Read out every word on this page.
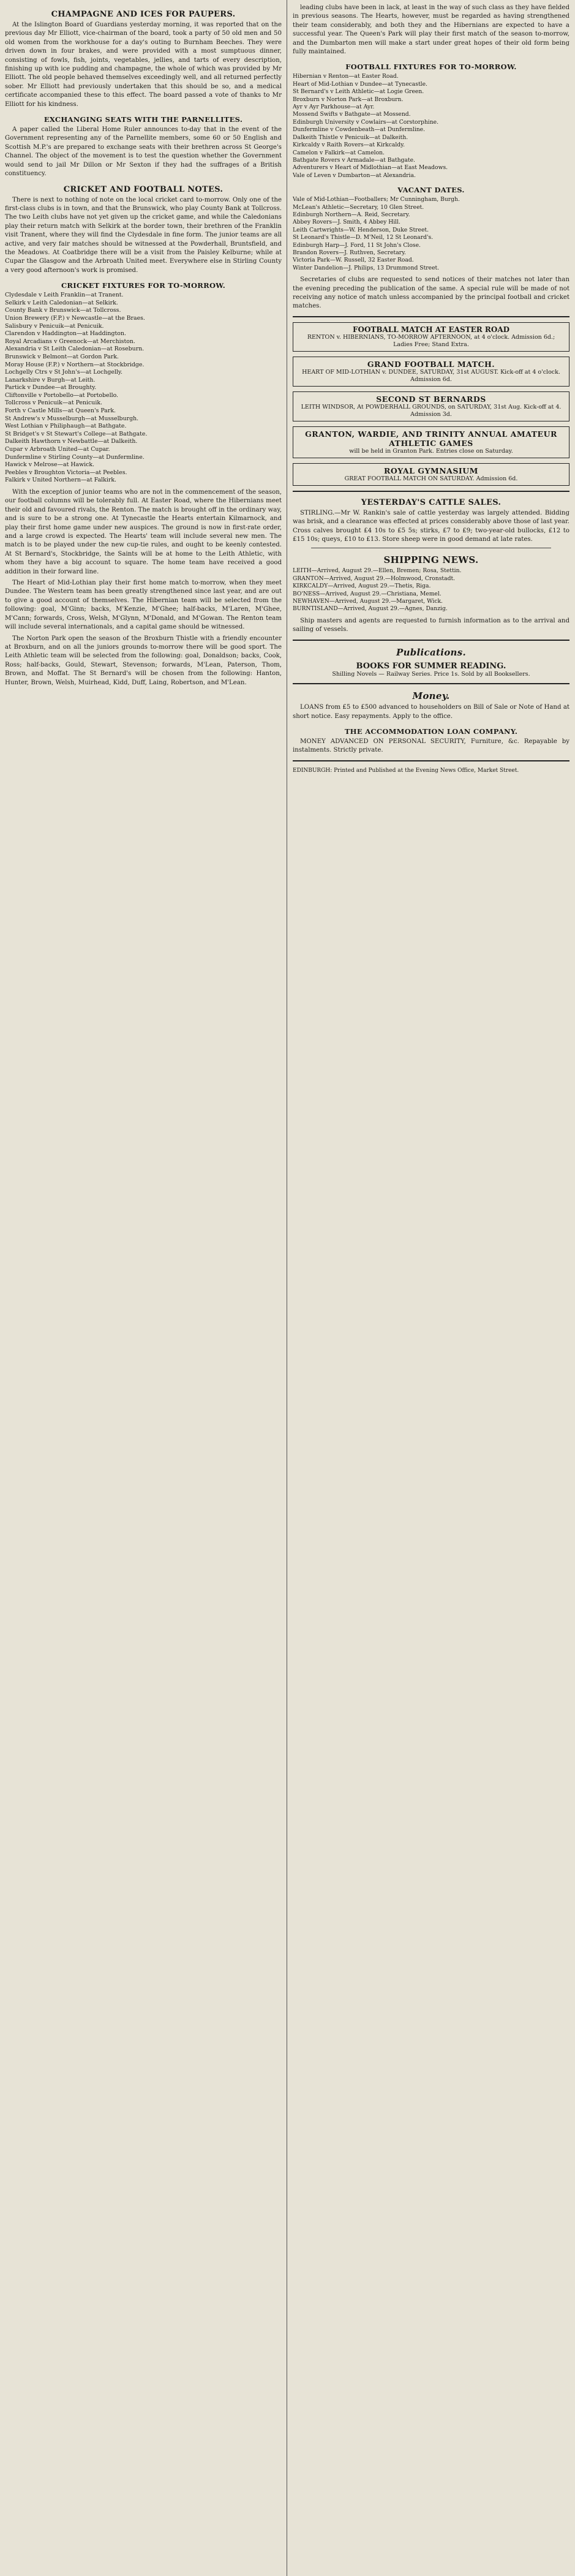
CHAMPAGNE AND ICES FOR PAUPERS.

At the Islington Board of Guardians yesterday morning, it was reported that on the previous day Mr Elliott, vice-chairman of the board, took a party of 50 old men and 50 old women from the workhouse for a day's outing to Burnham Beeches. They were driven down in four brakes, and were provided with a most sumptuous dinner, consisting of fowls, fish, joints, vegetables, jellies, and tarts of every description, finishing up with ice pudding and champagne, the whole of which was provided by Mr Elliott. The old people behaved themselves exceedingly well, and all returned perfectly sober. Mr Elliott had previously undertaken that this should be so, and a medical certificate accompanied these to this effect. The board passed a vote of thanks to Mr Elliott for his kindness.

EXCHANGING SEATS WITH THE PARNELLITES.

A paper called the Liberal Home Ruler announces to-day that in the event of the Government representing any of the Parnellite members, some 60 or 50 English and Scottish M.P.'s are prepared to exchange seats with their brethren across St George's Channel. The object of the movement is to test the question whether the Government would send to jail Mr Dillon or Mr Sexton if they had the suffrages of a British constituency.

CRICKET AND FOOTBALL NOTES.

There is next to nothing of note on the local cricket card to-morrow. Only one of the first-class clubs is in town, and that the Brunswick, who play County Bank at Tollcross. The two Leith clubs have not yet given up the cricket game, and while the Caledonians play their return match with Selkirk at the border town, their brethren of the Franklin visit Tranent, where they will find the Clydesdale in fine form. The junior teams are all active, and very fair matches should be witnessed at the Powderhall, Bruntsfield, and the Meadows. At Coatbridge there will be a visit from the Paisley Kelburne; while at Cupar the Glasgow and the Arbroath United meet. Everywhere else in Stirling County a very good afternoon's work is promised.

CRICKET FIXTURES FOR TO-MORROW.
Clydesdale v Leith Franklin—at Tranent.
Selkirk v Leith Caledonian—at Selkirk.
County Bank v Brunswick—at Tollcross.
Union Brewery (F.P.) v Newcastle—at the Braes.
Salisbury v Penicuik—at Penicuik.
Clarendon v Haddington—at Haddington.
Royal Arcadians v Greenock—at Merchiston.
Alexandria v St Leith Caledonian—at Roseburn.
Brunswick v Belmont—at Gordon Park.
Moray House (F.P.) v Northern—at Stockbridge.
Lochgelly Ctrs v St John's—at Lochgelly.
Lanarkshire v Burgh—at Leith.
Partick v Dundee—at Broughty.
Cliftonville v Portobello—at Portobello.
Tollcross v Penicuik—at Penicuik.
Forth v Castle Mills—at Queen's Park.
St Andrew's v Musselburgh—at Musselburgh.
West Lothian v Philiphaugh—at Bathgate.
St Bridget's v St Stewart's College—at Bathgate.
Dalkeith Hawthorn v Newbattle—at Dalkeith.
Cupar v Arbroath United—at Cupar.
Dunfermline v Stirling County—at Dunfermline.
Hawick v Melrose—at Hawick.
Peebles v Broughton Victoria—at Peebles.
Falkirk v United Northern—at Falkirk.

With the exception of junior teams who are not in the commencement of the season, our football columns will be tolerably full. At Easter Road, where the Hibernians meet their old and favoured rivals, the Renton. The match is brought off in the ordinary way, and is sure to be a strong one. At Tynecastle the Hearts entertain Kilmarnock, and play their first home game under new auspices. The ground is now in first-rate order, and a large crowd is expected. The Hearts' team will include several new men. The match is to be played under the new cup-tie rules, and ought to be keenly contested. At St Bernard's, Stockbridge, the Saints will be at home to the Leith Athletic, with whom they have a big account to square. The home team have received a good addition in their forward line.

The Heart of Mid-Lothian play their first home match to-morrow, when they meet Dundee. The Western team has been greatly strengthened since last year, and are out to give a good account of themselves. The Hibernian team will be selected from the following: goal, M'Ginn; backs, M'Kenzie, M'Ghee; half-backs, M'Laren, M'Ghee, M'Cann; forwards, Cross, Welsh, M'Glynn, M'Donald, and M'Gowan. The Renton team will include several internationals, and a capital game should be witnessed.

The Norton Park open the season of the Broxburn Thistle with a friendly encounter at Broxburn, and on all the juniors grounds to-morrow there will be good sport. The Leith Athletic team will be selected from the following: goal, Donaldson; backs, Cook, Ross; half-backs, Gould, Stewart, Stevenson; forwards, M'Lean, Paterson, Thom, Brown, and Moffat. The St Bernard's will be chosen from the following: Hanton, Hunter, Brown, Welsh, Muirhead, Kidd, Duff, Laing, Robertson, and M'Lean.

leading clubs have been in lack, at least in the way of such class as they have fielded in previous seasons. The Hearts, however, must be regarded as having strengthened their team considerably, and both they and the Hibernians are expected to have a successful year. The Queen's Park will play their first match of the season to-morrow, and the Dumbarton men will make a start under great hopes of their old form being fully maintained.

FOOTBALL FIXTURES FOR TO-MORROW.
Hibernian v Renton—at Easter Road.
Heart of Mid-Lothian v Dundee—at Tynecastle.
St Bernard's v Leith Athletic—at Logie Green.
Broxburn v Norton Park—at Broxburn.
Ayr v Ayr Parkhouse—at Ayr.
Mossend Swifts v Bathgate—at Mossend.
Edinburgh University v Cowlairs—at Corstorphine.
Dunfermline v Cowdenbeath—at Dunfermline.
Dalkeith Thistle v Penicuik—at Dalkeith.
Kirkcaldy v Raith Rovers—at Kirkcaldy.
Camelon v Falkirk—at Camelon.
Bathgate Rovers v Armadale—at Bathgate.
Adventurers v Heart of Midlothian—at East Meadows.
Vale of Leven v Dumbarton—at Alexandria.
VACANT DATES.
Vale of Mid-Lothian—Footballers; Mr Cunningham, Burgh.
McLean's Athletic—Secretary, 10 Glen Street.
Edinburgh Northern—A. Reid, Secretary.
Abbey Rovers—J. Smith, 4 Abbey Hill.
Leith Cartwrights—W. Henderson, Duke Street.
St Leonard's Thistle—D. M'Neil, 12 St Leonard's.
Edinburgh Harp—J. Ford, 11 St John's Close.
Brandon Rovers—J. Ruthven, Secretary.
Victoria Park—W. Russell, 32 Easter Road.
Winter Dandelion—J. Philips, 13 Drummond Street.

Secretaries of clubs are requested to send notices of their matches not later than the evening preceding the publication of the same. A special rule will be made of not receiving any notice of match unless accompanied by the principal football and cricket matches.

FOOTBALL MATCH AT EASTER ROAD
RENTON v. HIBERNIANS, TO-MORROW AFTERNOON, at 4 o'clock. Admission 6d.; Ladies Free; Stand Extra.
GRAND FOOTBALL MATCH.
HEART OF MID-LOTHIAN v. DUNDEE, SATURDAY, 31st AUGUST. Kick-off at 4 o'clock. Admission 6d.
SECOND ST BERNARDS
LEITH WINDSOR, At POWDERHALL GROUNDS, on SATURDAY, 31st Aug. Kick-off at 4. Admission 3d.
GRANTON, WARDIE, AND TRINITY ANNUAL AMATEUR ATHLETIC GAMES
will be held in Granton Park. Entries close on Saturday.
ROYAL GYMNASIUM
GREAT FOOTBALL MATCH ON SATURDAY. Admission 6d.
YESTERDAY'S CATTLE SALES.

STIRLING.—Mr W. Rankin's sale of cattle yesterday was largely attended. Bidding was brisk, and a clearance was effected at prices considerably above those of last year. Cross calves brought £4 10s to £5 5s; stirks, £7 to £9; two-year-old bullocks, £12 to £15 10s; queys, £10 to £13. Store sheep were in good demand at late rates.

SHIPPING NEWS.
LEITH—Arrived, August 29.—Ellen, Bremen; Rosa, Stettin.
GRANTON—Arrived, August 29.—Holmwood, Cronstadt.
KIRKCALDY—Arrived, August 29.—Thetis, Riga.
BO'NESS—Arrived, August 29.—Christiana, Memel.
NEWHAVEN—Arrived, August 29.—Margaret, Wick.
BURNTISLAND—Arrived, August 29.—Agnes, Danzig.

Ship masters and agents are requested to furnish information as to the arrival and sailing of vessels.

Publications.
BOOKS FOR SUMMER READING.
Shilling Novels — Railway Series. Price 1s. Sold by all Booksellers.
Money.

LOANS from £5 to £500 advanced to householders on Bill of Sale or Note of Hand at short notice. Easy repayments. Apply to the office.

THE ACCOMMODATION LOAN COMPANY.

MONEY ADVANCED ON PERSONAL SECURITY, Furniture, &c. Repayable by instalments. Strictly private.

EDINBURGH: Printed and Published at the Evening News Office, Market Street.
